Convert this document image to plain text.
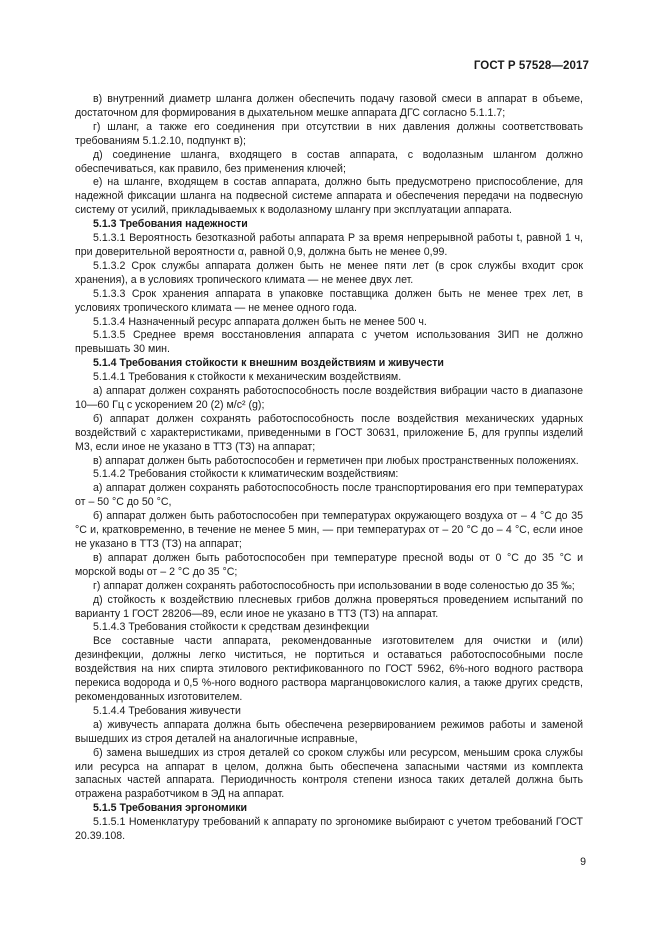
ГОСТ Р 57528—2017

в) внутренний диаметр шланга должен обеспечить подачу газовой смеси в аппарат в объеме, достаточном для формирования в дыхательном мешке аппарата ДГС согласно 5.1.1.7;

г) шланг, а также его соединения при отсутствии в них давления должны соответствовать требованиям 5.1.2.10, подпункт в);

д) соединение шланга, входящего в состав аппарата, с водолазным шлангом должно обеспечиваться, как правило, без применения ключей;

е) на шланге, входящем в состав аппарата, должно быть предусмотрено приспособление, для надежной фиксации шланга на подвесной системе аппарата и обеспечения передачи на подвесную систему от усилий, прикладываемых к водолазному шлангу при эксплуатации аппарата.

5.1.3 Требования надежности

5.1.3.1 Вероятность безотказной работы аппарата Р за время непрерывной работы t, равной 1 ч, при доверительной вероятности α, равной 0,9, должна быть не менее 0,99.

5.1.3.2 Срок службы аппарата должен быть не менее пяти лет (в срок службы входит срок хранения), а в условиях тропического климата — не менее двух лет.

5.1.3.3 Срок хранения аппарата в упаковке поставщика должен быть не менее трех лет, в условиях тропического климата — не менее одного года.

5.1.3.4 Назначенный ресурс аппарата должен быть не менее 500 ч.

5.1.3.5 Среднее время восстановления аппарата с учетом использования ЗИП не должно превышать 30 мин.

5.1.4 Требования стойкости к внешним воздействиям и живучести

5.1.4.1 Требования к стойкости к механическим воздействиям.

а) аппарат должен сохранять работоспособность после воздействия вибрации часто в диапазоне 10—60 Гц с ускорением 20 (2) м/с² (g);

б) аппарат должен сохранять работоспособность после воздействия механических ударных воздействий с характеристиками, приведенными в ГОСТ 30631, приложение Б, для группы изделий М3, если иное не указано в ТТЗ (ТЗ) на аппарат;

в) аппарат должен быть работоспособен и герметичен при любых пространственных положениях.

5.1.4.2 Требования стойкости к климатическим воздействиям:

а) аппарат должен сохранять работоспособность после транспортирования его при температурах от – 50 °С до 50 °С,

б) аппарат должен быть работоспособен при температурах окружающего воздуха от – 4 °С до 35 °С и, кратковременно, в течение не менее 5 мин, — при температурах от – 20 °С до – 4 °С, если иное не указано в ТТЗ (ТЗ) на аппарат;

в) аппарат должен быть работоспособен при температуре пресной воды от 0 °С до 35 °С и морской воды от – 2 °С до 35 °С;

г) аппарат должен сохранять работоспособность при использовании в воде соленостью до 35 ‰;

д) стойкость к воздействию плесневых грибов должна проверяться проведением испытаний по варианту 1 ГОСТ 28206—89, если иное не указано в ТТЗ (ТЗ) на аппарат.

5.1.4.3 Требования стойкости к средствам дезинфекции

Все составные части аппарата, рекомендованные изготовителем для очистки и (или) дезинфекции, должны легко чиститься, не портиться и оставаться работоспособными после воздействия на них спирта этилового ректификованного по ГОСТ 5962, 6%-ного водного раствора перекиса водорода и 0,5 %-ного водного раствора марганцовокислого калия, а также других средств, рекомендованных изготовителем.

5.1.4.4 Требования живучести

а) живучесть аппарата должна быть обеспечена резервированием режимов работы и заменой вышедших из строя деталей на аналогичные исправные,

б) замена вышедших из строя деталей со сроком службы или ресурсом, меньшим срока службы или ресурса на аппарат в целом, должна быть обеспечена запасными частями из комплекта запасных частей аппарата. Периодичность контроля степени износа таких деталей должна быть отражена разработчиком в ЭД на аппарат.

5.1.5 Требования эргономики

5.1.5.1 Номенклатуру требований к аппарату по эргономике выбирают с учетом требований ГОСТ 20.39.108.

9
